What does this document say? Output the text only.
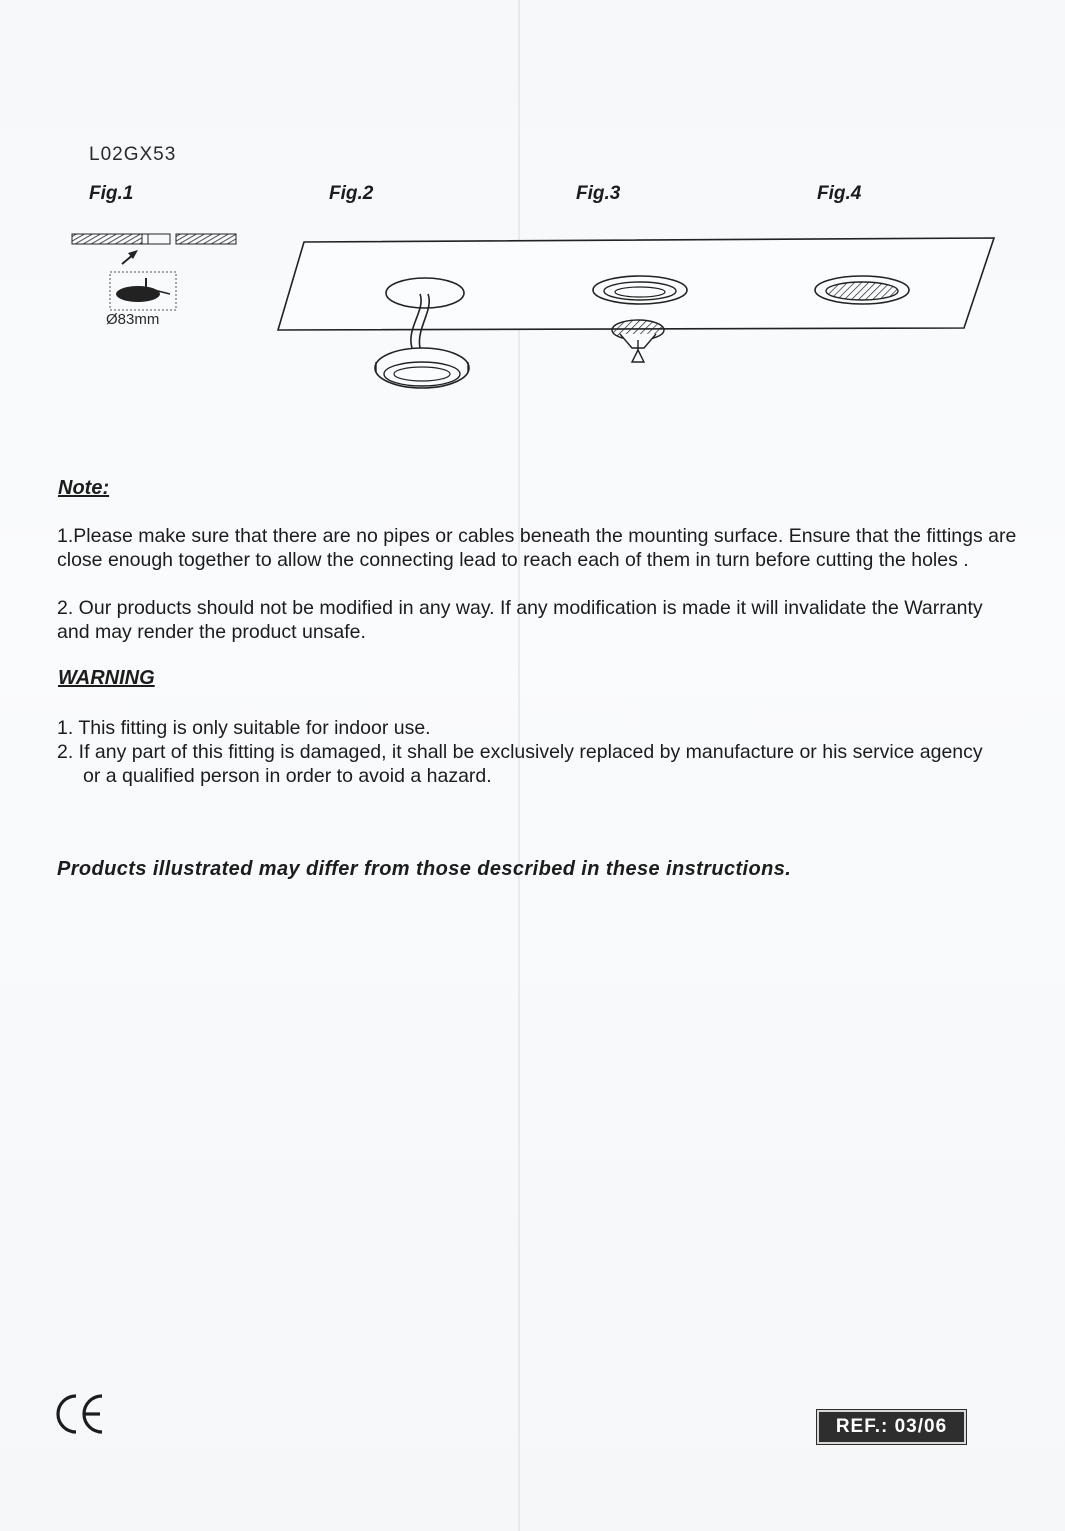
L02GX53
Fig.1	Fig.2	Fig.3	Fig.4
Ø83mm
Note:
1.Please make sure that there are no pipes or cables beneath the mounting surface. Ensure that the fittings are close enough together to allow the connecting lead to reach each of them in turn before cutting the holes .
2. Our products should not be modified in any way. If any modification is made it will invalidate the Warranty and may render the product unsafe.
WARNING
1. This fitting is only suitable for indoor use.
2. If any part of this fitting is damaged, it shall be exclusively replaced by manufacture or his service agency or a qualified person in order to avoid a hazard.
Products illustrated may differ from those described in these instructions.
REF.: 03/06
